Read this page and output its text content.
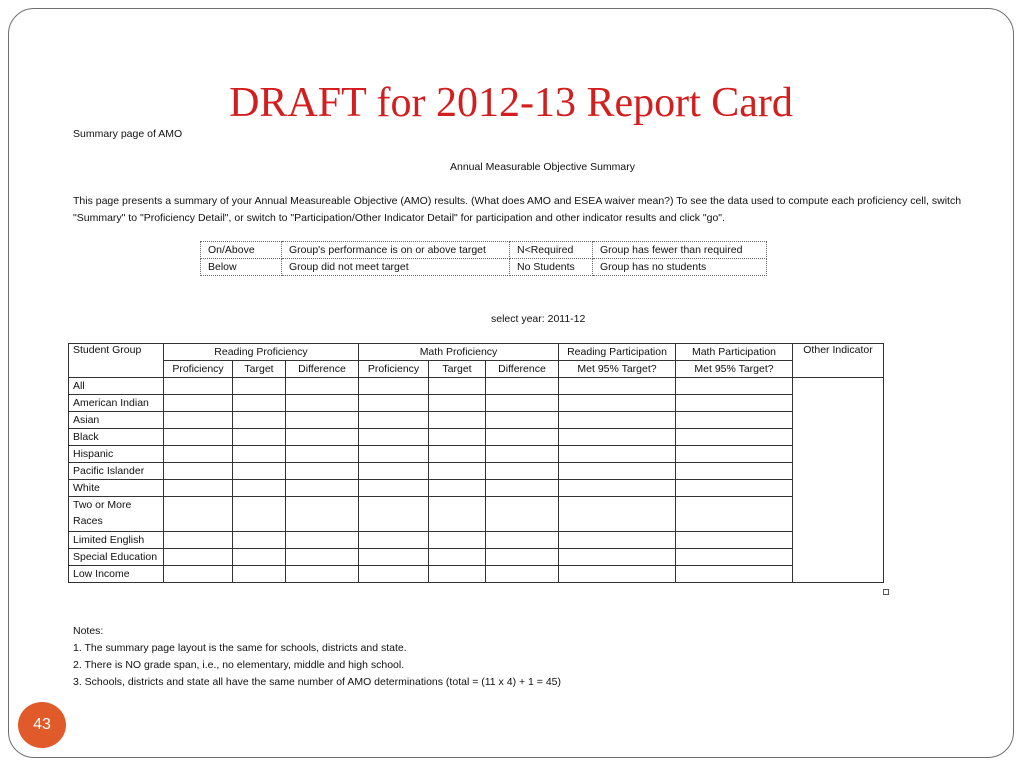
DRAFT for 2012-13 Report Card
Summary page of AMO
Annual Measurable Objective Summary
This page presents a summary of your Annual Measureable Objective (AMO) results. (What does AMO and ESEA waiver mean?) To see the data used to compute each proficiency cell, switch
"Summary" to "Proficiency Detail", or switch to "Participation/Other Indicator Detail" for participation and other indicator results and click "go".
On/Above	Group's performance is on or above target	N<Required	Group has fewer than required
Below	Group did not meet target	No Students	Group has no students
select year: 2011-12
Student Group	Reading Proficiency			Math Proficiency			Reading Participation	Math Participation	Other Indicator
	Proficiency	Target	Difference	Proficiency	Target	Difference	Met 95% Target?	Met 95% Target?	
All									
American Indian									
Asian									
Black									
Hispanic									
Pacific Islander									
White									
Two or More Races									
Limited English									
Special Education									
Low Income									
Notes:
1. The summary page layout is the same for schools, districts and state.
2. There is NO grade span, i.e., no elementary, middle and high school.
3. Schools, districts and state all have the same number of AMO determinations (total = (11 x 4) + 1 = 45)
43
